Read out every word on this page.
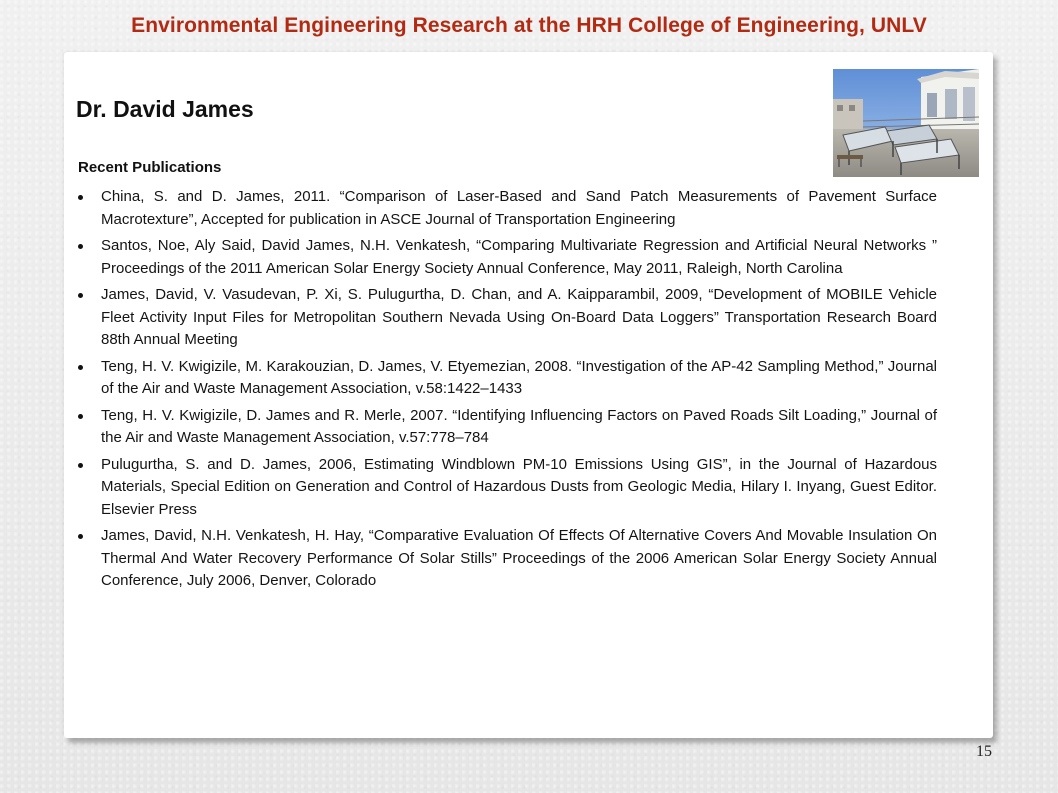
Environmental Engineering Research at the HRH College of Engineering, UNLV
Dr. David James
Recent Publications
China, S. and D. James, 2011. “Comparison of Laser-Based and Sand Patch Measurements of Pavement Surface Macrotexture”, Accepted for publication in ASCE Journal of Transportation Engineering
Santos, Noe, Aly Said, David James, N.H. Venkatesh, “Comparing Multivariate Regression and Artificial Neural Networks ” Proceedings of the 2011 American Solar Energy Society Annual Conference, May 2011, Raleigh, North Carolina
James, David, V. Vasudevan, P. Xi, S. Pulugurtha, D. Chan, and A. Kaipparambil, 2009, “Development of MOBILE Vehicle Fleet Activity Input Files for Metropolitan Southern Nevada Using On-Board Data Loggers” Transportation Research Board 88th Annual Meeting
Teng, H. V. Kwigizile, M. Karakouzian, D. James, V. Etyemezian, 2008. “Investigation of the AP-42 Sampling Method,” Journal of the Air and Waste Management Association, v.58:1422–1433
Teng, H. V. Kwigizile, D. James and R. Merle, 2007. “Identifying Influencing Factors on Paved Roads Silt Loading,” Journal of the Air and Waste Management Association, v.57:778–784
Pulugurtha, S. and D. James, 2006, Estimating Windblown PM-10 Emissions Using GIS”, in the Journal of Hazardous Materials, Special Edition on Generation and Control of Hazardous Dusts from Geologic Media, Hilary I. Inyang, Guest Editor. Elsevier Press
James, David, N.H. Venkatesh, H. Hay, “Comparative Evaluation Of Effects Of Alternative Covers And Movable Insulation On Thermal And Water Recovery Performance Of Solar Stills” Proceedings of the 2006 American Solar Energy Society Annual Conference, July 2006, Denver, Colorado
15
